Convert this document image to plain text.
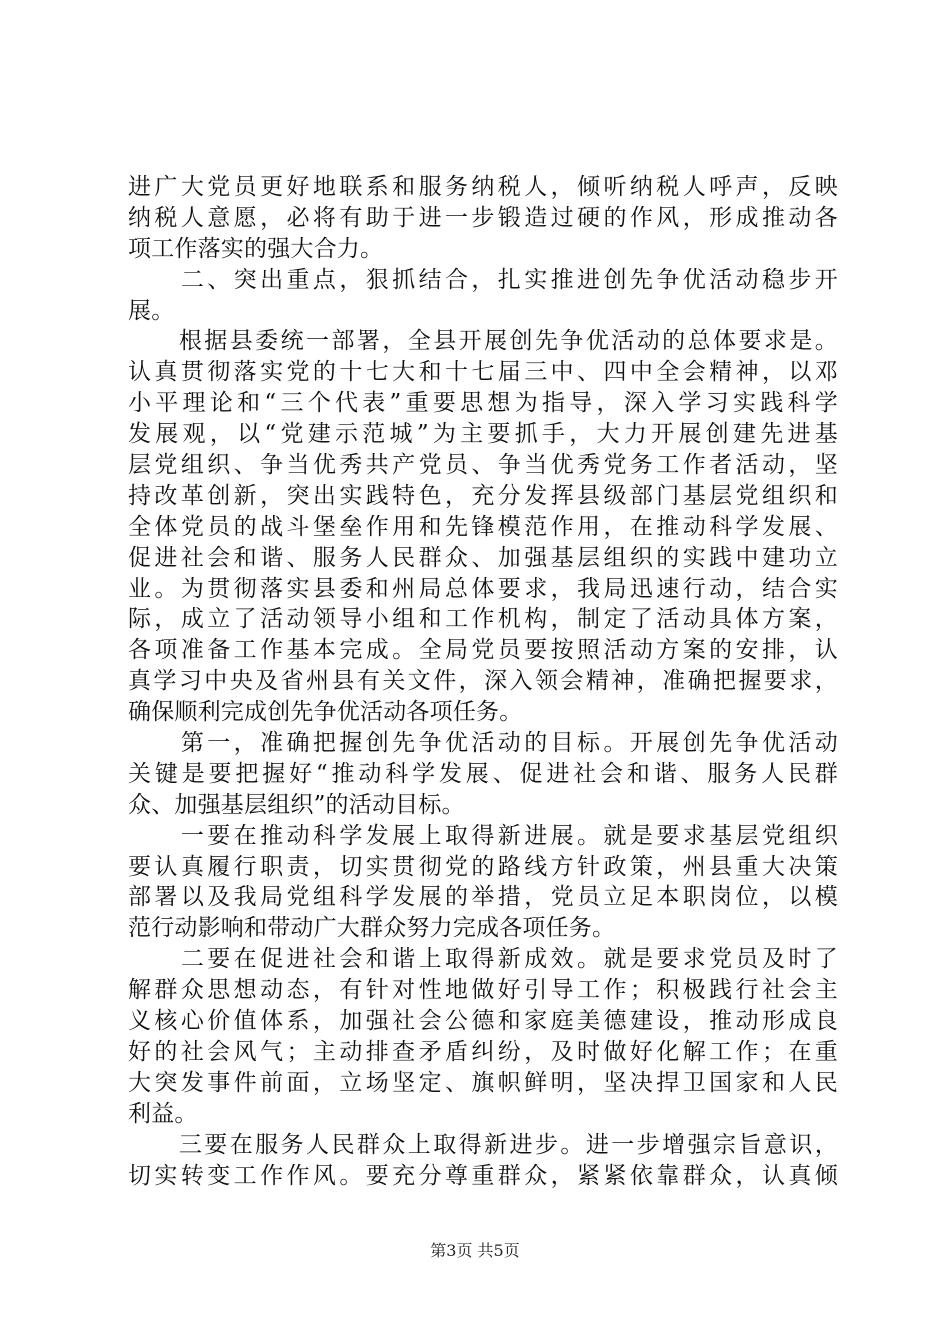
进广大党员更好地联系和服务纳税人，倾听纳税人呼声，反映
纳税人意愿，必将有助于进一步锻造过硬的作风，形成推动各
项工作落实的强大合力。
　　二、突出重点，狠抓结合，扎实推进创先争优活动稳步开
展。
　　根据县委统一部署，全县开展创先争优活动的总体要求是。
认真贯彻落实党的十七大和十七届三中、四中全会精神，以邓
小平理论和“三个代表”重要思想为指导，深入学习实践科学
发展观，以“党建示范城”为主要抓手，大力开展创建先进基
层党组织、争当优秀共产党员、争当优秀党务工作者活动，坚
持改革创新，突出实践特色，充分发挥县级部门基层党组织和
全体党员的战斗堡垒作用和先锋模范作用，在推动科学发展、
促进社会和谐、服务人民群众、加强基层组织的实践中建功立
业。为贯彻落实县委和州局总体要求，我局迅速行动，结合实
际，成立了活动领导小组和工作机构，制定了活动具体方案，
各项准备工作基本完成。全局党员要按照活动方案的安排，认
真学习中央及省州县有关文件，深入领会精神，准确把握要求，
确保顺利完成创先争优活动各项任务。
　　第一，准确把握创先争优活动的目标。开展创先争优活动
关键是要把握好“推动科学发展、促进社会和谐、服务人民群
众、加强基层组织”的活动目标。
　　一要在推动科学发展上取得新进展。就是要求基层党组织
要认真履行职责，切实贯彻党的路线方针政策，州县重大决策
部署以及我局党组科学发展的举措，党员立足本职岗位，以模
范行动影响和带动广大群众努力完成各项任务。
　　二要在促进社会和谐上取得新成效。就是要求党员及时了
解群众思想动态，有针对性地做好引导工作；积极践行社会主
义核心价值体系，加强社会公德和家庭美德建设，推动形成良
好的社会风气；主动排查矛盾纠纷，及时做好化解工作；在重
大突发事件前面，立场坚定、旗帜鲜明，坚决捍卫国家和人民
利益。
　　三要在服务人民群众上取得新进步。进一步增强宗旨意识，
切实转变工作作风。要充分尊重群众，紧紧依靠群众，认真倾
第3页 共5页
